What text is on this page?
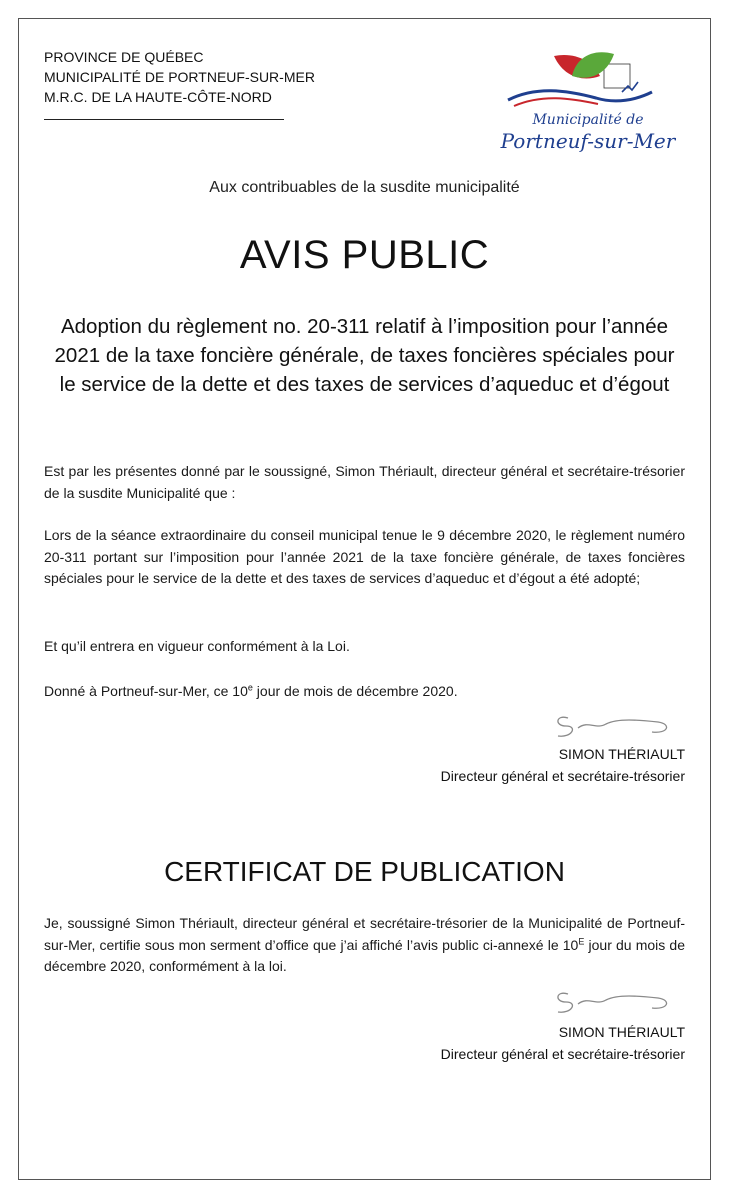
PROVINCE DE QUÉBEC
MUNICIPALITÉ DE PORTNEUF-SUR-MER
M.R.C. DE LA HAUTE-CÔTE-NORD
Municipalité de
Portneuf-sur-Mer
Aux contribuables de la susdite municipalité
AVIS PUBLIC
Adoption du règlement no. 20-311 relatif à l’imposition pour l’année 2021 de la taxe foncière générale, de taxes foncières spéciales pour le service de la dette et des taxes de services d’aqueduc et d’égout
Est par les présentes donné par le soussigné, Simon Thériault, directeur général et secrétaire-trésorier de la susdite Municipalité que :
Lors de la séance extraordinaire du conseil municipal tenue le 9 décembre 2020, le règlement numéro 20-311 portant sur l’imposition pour l’année 2021 de la taxe foncière générale, de taxes foncières spéciales pour le service de la dette et des taxes de services d’aqueduc et d’égout a été adopté;
Et qu’il entrera en vigueur conformément à la Loi.
Donné à Portneuf-sur-Mer, ce 10e jour de mois de décembre 2020.
SIMON THÉRIAULT
Directeur général et secrétaire-trésorier
CERTIFICAT DE PUBLICATION
Je, soussigné Simon Thériault, directeur général et secrétaire-trésorier de la Municipalité de Portneuf-sur-Mer, certifie sous mon serment d’office que j’ai affiché l’avis public ci-annexé le $10^E$ jour du mois de décembre 2020, conformément à la loi.
SIMON THÉRIAULT
Directeur général et secrétaire-trésorier
